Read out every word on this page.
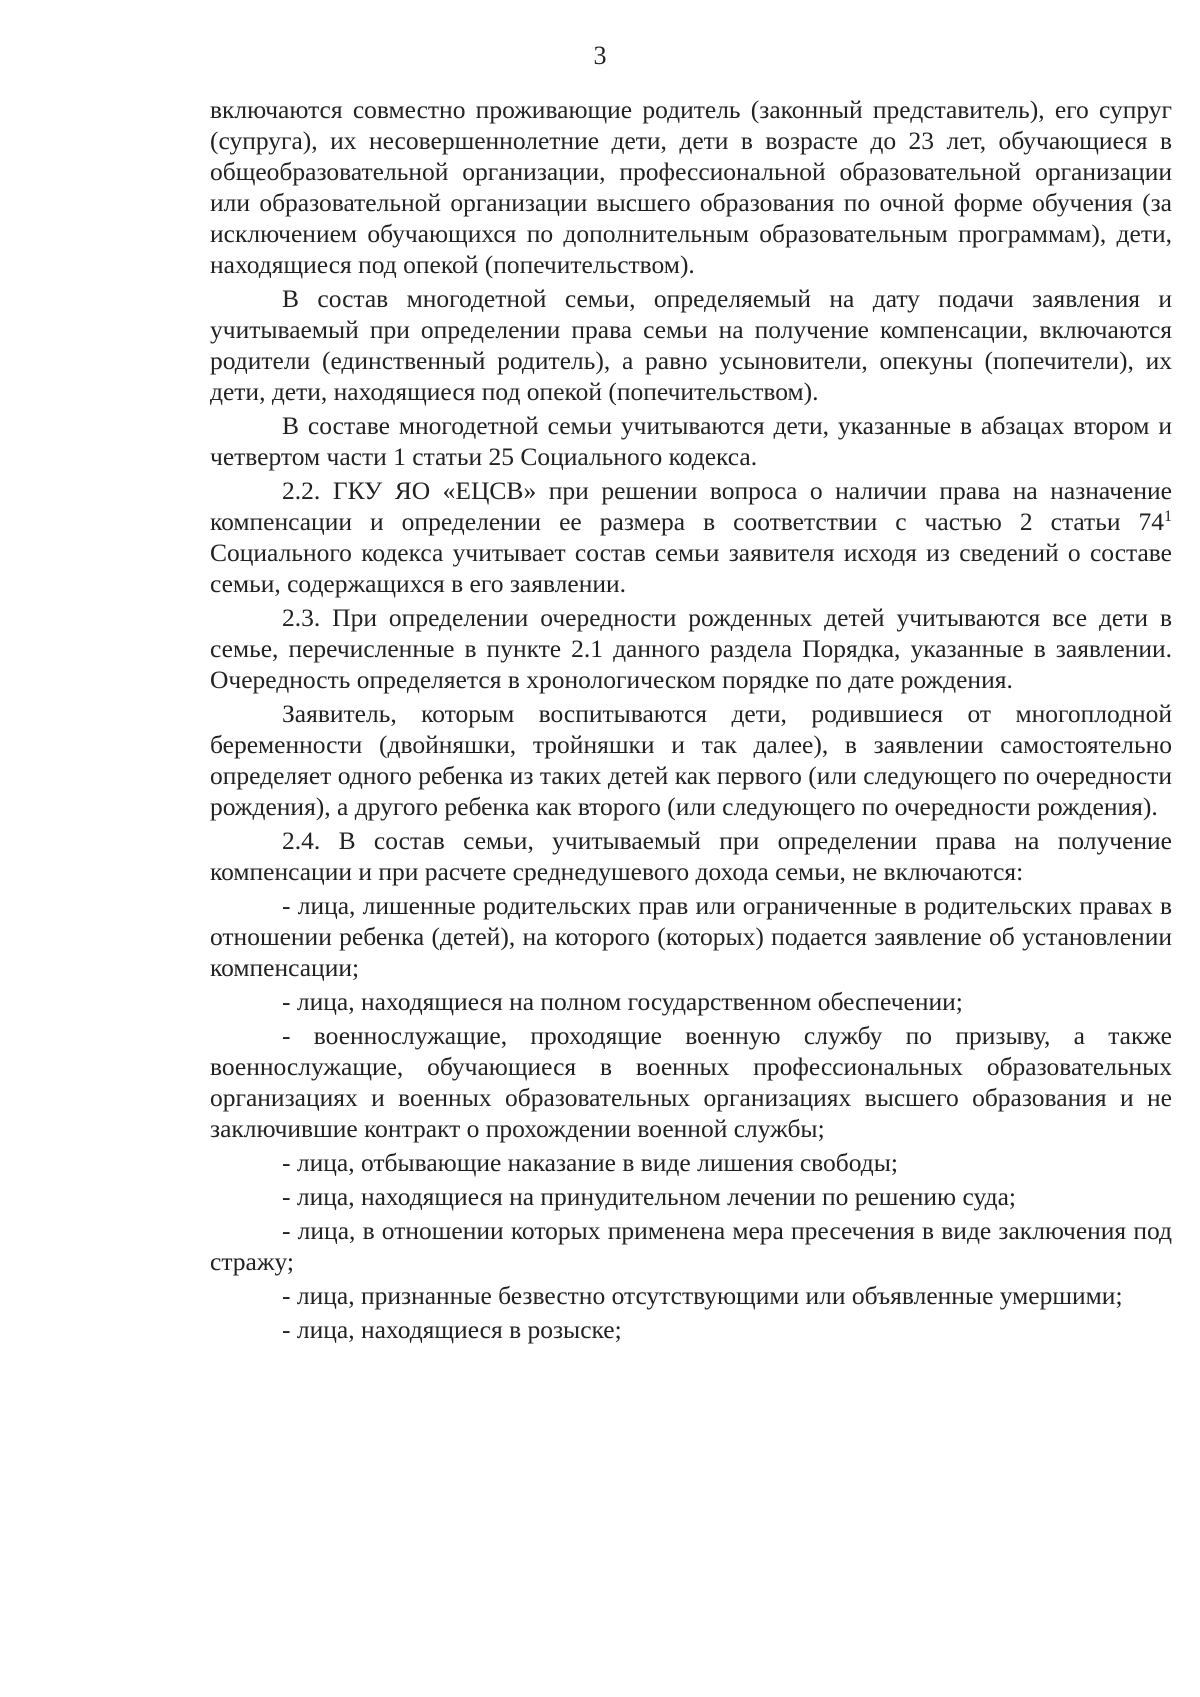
3

включаются совместно проживающие родитель (законный представитель), его супруг (супруга), их несовершеннолетние дети, дети в возрасте до 23 лет, обучающиеся в общеобразовательной организации, профессиональной образовательной организации или образовательной организации высшего образования по очной форме обучения (за исключением обучающихся по дополнительным образовательным программам), дети, находящиеся под опекой (попечительством).

В состав многодетной семьи, определяемый на дату подачи заявления и учитываемый при определении права семьи на получение компенсации, включаются родители (единственный родитель), а равно усыновители, опекуны (попечители), их дети, дети, находящиеся под опекой (попечительством).

В составе многодетной семьи учитываются дети, указанные в абзацах втором и четвертом части 1 статьи 25 Социального кодекса.

2.2. ГКУ ЯО «ЕЦСВ» при решении вопроса о наличии права на назначение компенсации и определении ее размера в соответствии с частью 2 статьи $74^1$ Социального кодекса учитывает состав семьи заявителя исходя из сведений о составе семьи, содержащихся в его заявлении.

2.3. При определении очередности рожденных детей учитываются все дети в семье, перечисленные в пункте 2.1 данного раздела Порядка, указанные в заявлении. Очередность определяется в хронологическом порядке по дате рождения.

Заявитель, которым воспитываются дети, родившиеся от многоплодной беременности (двойняшки, тройняшки и так далее), в заявлении самостоятельно определяет одного ребенка из таких детей как первого (или следующего по очередности рождения), а другого ребенка как второго (или следующего по очередности рождения).

2.4. В состав семьи, учитываемый при определении права на получение компенсации и при расчете среднедушевого дохода семьи, не включаются:

- лица, лишенные родительских прав или ограниченные в родительских правах в отношении ребенка (детей), на которого (которых) подается заявление об установлении компенсации;

- лица, находящиеся на полном государственном обеспечении;

- военнослужащие, проходящие военную службу по призыву, а также военнослужащие, обучающиеся в военных профессиональных образовательных организациях и военных образовательных организациях высшего образования и не заключившие контракт о прохождении военной службы;

- лица, отбывающие наказание в виде лишения свободы;

- лица, находящиеся на принудительном лечении по решению суда;

- лица, в отношении которых применена мера пресечения в виде заключения под стражу;

- лица, признанные безвестно отсутствующими или объявленные умершими;

- лица, находящиеся в розыске;
